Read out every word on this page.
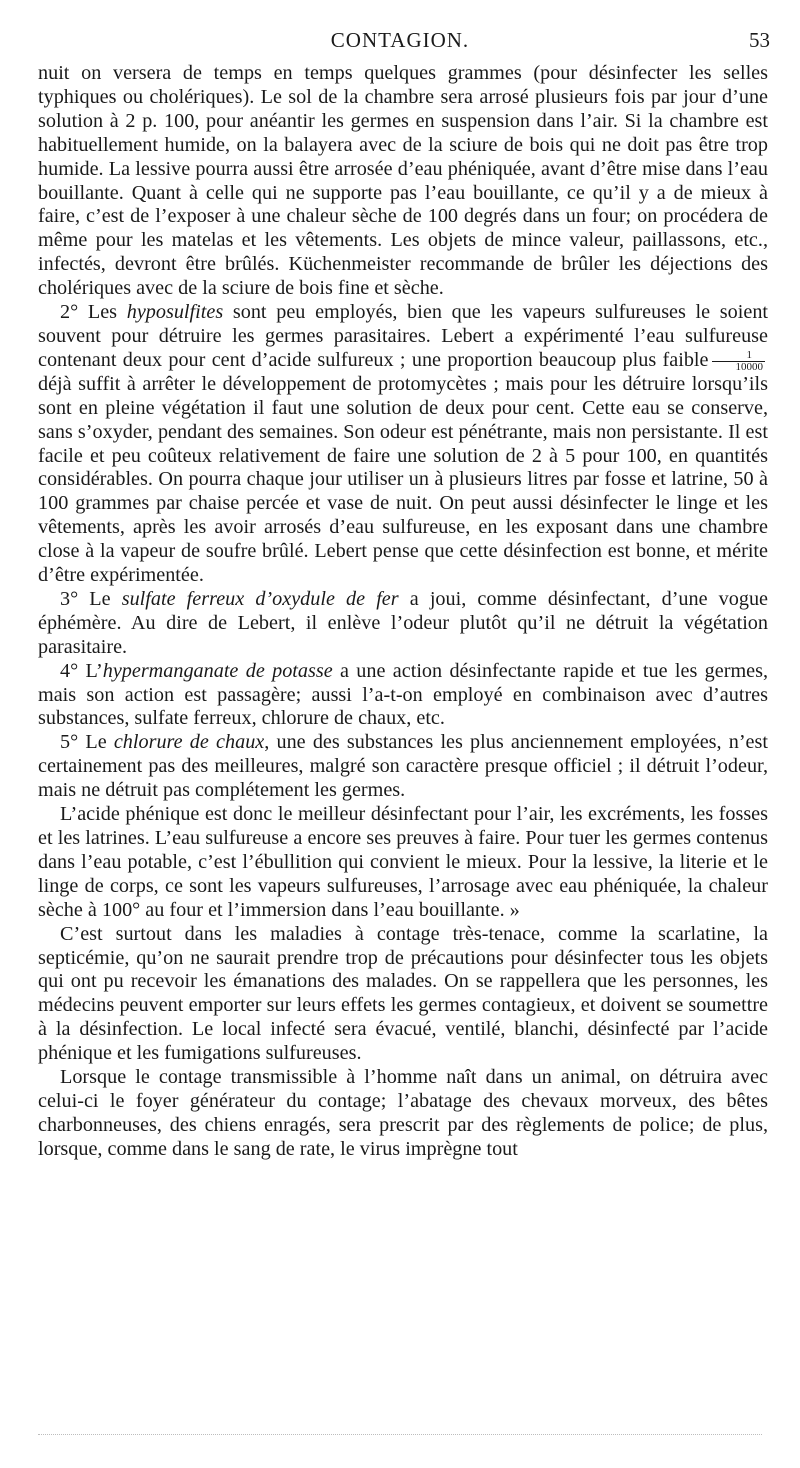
CONTAGION.	53

nuit on versera de temps en temps quelques grammes (pour désinfecter les selles typhiques ou cholériques). Le sol de la chambre sera arrosé plusieurs fois par jour d’une solution à 2 p. 100, pour anéantir les germes en suspension dans l’air. Si la chambre est habituellement humide, on la balayera avec de la sciure de bois qui ne doit pas être trop humide. La lessive pourra aussi être arrosée d’eau phéniquée, avant d’être mise dans l’eau bouillante. Quant à celle qui ne supporte pas l’eau bouillante, ce qu’il y a de mieux à faire, c’est de l’exposer à une chaleur sèche de 100 degrés dans un four; on procédera de même pour les matelas et les vêtements. Les objets de mince valeur, paillassons, etc., infectés, devront être brûlés. Küchenmeister recommande de brûler les déjections des cholériques avec de la sciure de bois fine et sèche.

2° Les hyposulfites sont peu employés, bien que les vapeurs sulfureuses le soient souvent pour détruire les germes parasitaires. Lebert a expérimenté l’eau sulfureuse contenant deux pour cent d’acide sulfureux ; une proportion beaucoup plus faible $\frac{1}{10000}$
déjà suffit à arrêter le développement de protomycètes ; mais pour les détruire lorsqu’ils sont en pleine végétation il faut une solution de deux pour cent. Cette eau se conserve, sans s’oxyder, pendant des semaines. Son odeur est pénétrante, mais non persistante. Il est facile et peu coûteux relativement de faire une solution de 2 à 5 pour 100, en quantités considérables. On pourra chaque jour utiliser un à plusieurs litres par fosse et latrine, 50 à 100 grammes par chaise percée et vase de nuit. On peut aussi désinfecter le linge et les vêtements, après les avoir arrosés d’eau sulfureuse, en les exposant dans une chambre close à la vapeur de soufre brûlé. Lebert pense que cette désinfection est bonne, et mérite d’être expérimentée.

3° Le sulfate ferreux d’oxydule de fer a joui, comme désinfectant, d’une vogue éphémère. Au dire de Lebert, il enlève l’odeur plutôt qu’il ne détruit la végétation parasitaire.

4° L’hypermanganate de potasse a une action désinfectante rapide et tue les germes, mais son action est passagère; aussi l’a-t-on employé en combinaison avec d’autres substances, sulfate ferreux, chlorure de chaux, etc.

5° Le chlorure de chaux, une des substances les plus anciennement employées, n’est certainement pas des meilleures, malgré son caractère presque officiel ; il détruit l’odeur, mais ne détruit pas complétement les germes.

L’acide phénique est donc le meilleur désinfectant pour l’air, les excréments, les fosses et les latrines. L’eau sulfureuse a encore ses preuves à faire. Pour tuer les germes contenus dans l’eau potable, c’est l’ébullition qui convient le mieux. Pour la lessive, la literie et le linge de corps, ce sont les vapeurs sulfureuses, l’arrosage avec eau phéniquée, la chaleur sèche à 100° au four et l’immersion dans l’eau bouillante. »

C’est surtout dans les maladies à contage très-tenace, comme la scarlatine, la septicémie, qu’on ne saurait prendre trop de précautions pour désinfecter tous les objets qui ont pu recevoir les émanations des malades. On se rappellera que les personnes, les médecins peuvent emporter sur leurs effets les germes contagieux, et doivent se soumettre à la désinfection. Le local infecté sera évacué, ventilé, blanchi, désinfecté par l’acide phénique et les fumigations sulfureuses.

Lorsque le contage transmissible à l’homme naît dans un animal, on détruira avec celui-ci le foyer générateur du contage; l’abatage des chevaux morveux, des bêtes charbonneuses, des chiens enragés, sera prescrit par des règlements de police; de plus, lorsque, comme dans le sang de rate, le virus imprègne tout
